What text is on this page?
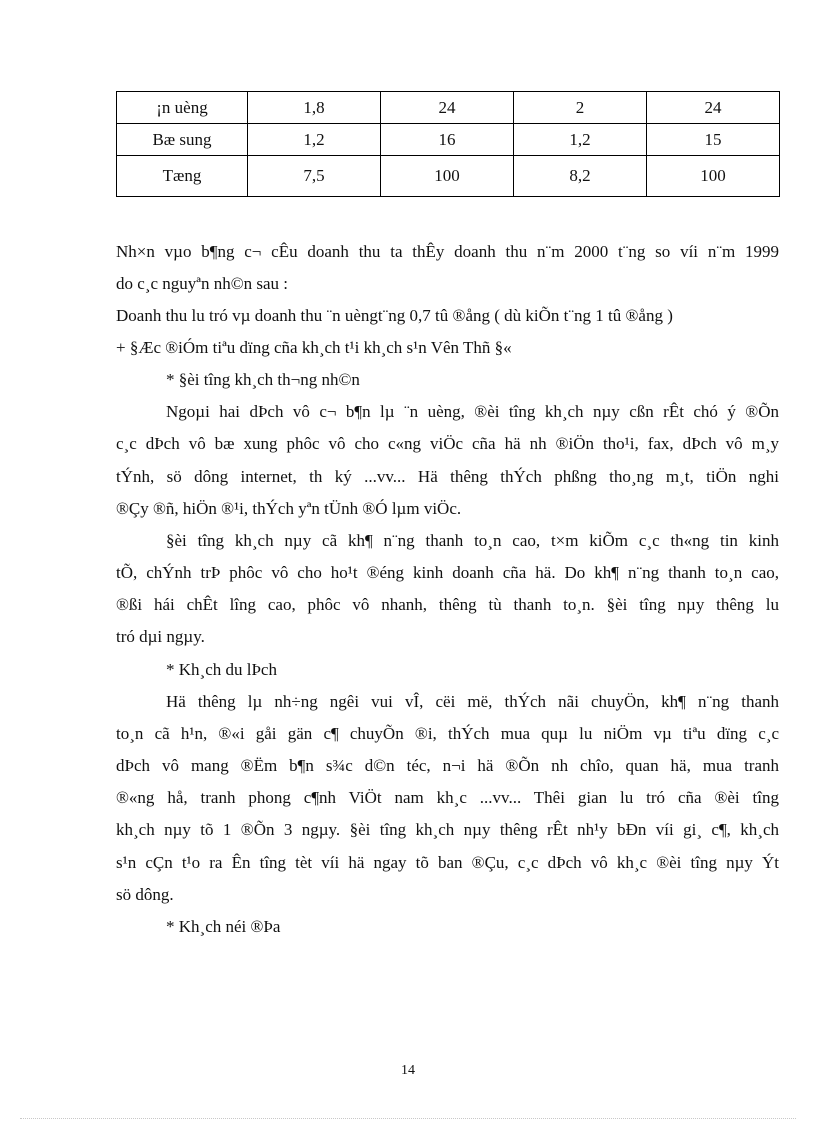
¡n uèng	1,8	24	2	24
Bæ sung	1,2	16	1,2	15
Tæng	7,5	100	8,2	100
Nh×n vµo b¶ng c¬ cÊu doanh thu ta thÊy doanh thu n¨m 2000 t¨ng so víi n¨m 1999
do c¸c nguyªn nh©n sau :
Doanh thu lu tró vµ doanh thu ¨n uèngt¨ng 0,7 tû ®ång ( dù kiÕn t¨ng 1 tû ®ång )
+ §Æc ®iÓm tiªu dïng cña kh¸ch t¹i kh¸ch s¹n Vên Thñ §«
* §èi tîng kh¸ch th¬ng nh©n
Ngoµi hai dÞch vô c¬ b¶n lµ ¨n uèng, ®èi tîng kh¸ch nµy cßn rÊt chó ý ®Õn
c¸c dÞch vô bæ xung phôc vô cho c«ng viÖc cña hä nh ®iÖn tho¹i, fax, dÞch vô m¸y
tÝnh, sö dông internet, th ký ...vv... Hä thêng thÝch phßng tho¸ng m¸t, tiÖn nghi
®Çy ®ñ, hiÖn ®¹i, thÝch yªn tÜnh ®Ó lµm viÖc.
§èi tîng kh¸ch nµy cã kh¶ n¨ng thanh to¸n cao, t×m kiÕm c¸c th«ng tin kinh
tÕ, chÝnh trÞ phôc vô cho ho¹t ®éng kinh doanh cña hä. Do kh¶ n¨ng thanh to¸n cao,
®ßi hái chÊt lîng cao, phôc vô nhanh, thêng tù thanh to¸n. §èi tîng nµy thêng lu
tró dµi ngµy.
* Kh¸ch du lÞch
Hä thêng lµ nh÷ng ngêi vui vÎ, cëi më, thÝch nãi chuyÖn, kh¶ n¨ng thanh
to¸n cã h¹n, ®«i gåi gän c¶ chuyÕn ®i, thÝch mua quµ lu niÖm vµ tiªu dïng c¸c
dÞch vô mang ®Ëm b¶n s¾c d©n téc, n¬i hä ®Õn nh chîo, quan hä, mua tranh
®«ng hå, tranh phong c¶nh ViÖt nam kh¸c ...vv... Thêi gian lu tró cña ®èi tîng
kh¸ch nµy tõ 1 ®Õn 3 ngµy. §èi tîng kh¸ch nµy thêng rÊt nh¹y bÐn víi gi¸ c¶, kh¸ch
s¹n cÇn t¹o ra Ên tîng tèt víi hä ngay tõ ban ®Çu, c¸c dÞch vô kh¸c ®èi tîng nµy Ýt
sö dông.
* Kh¸ch néi ®Þa
14
